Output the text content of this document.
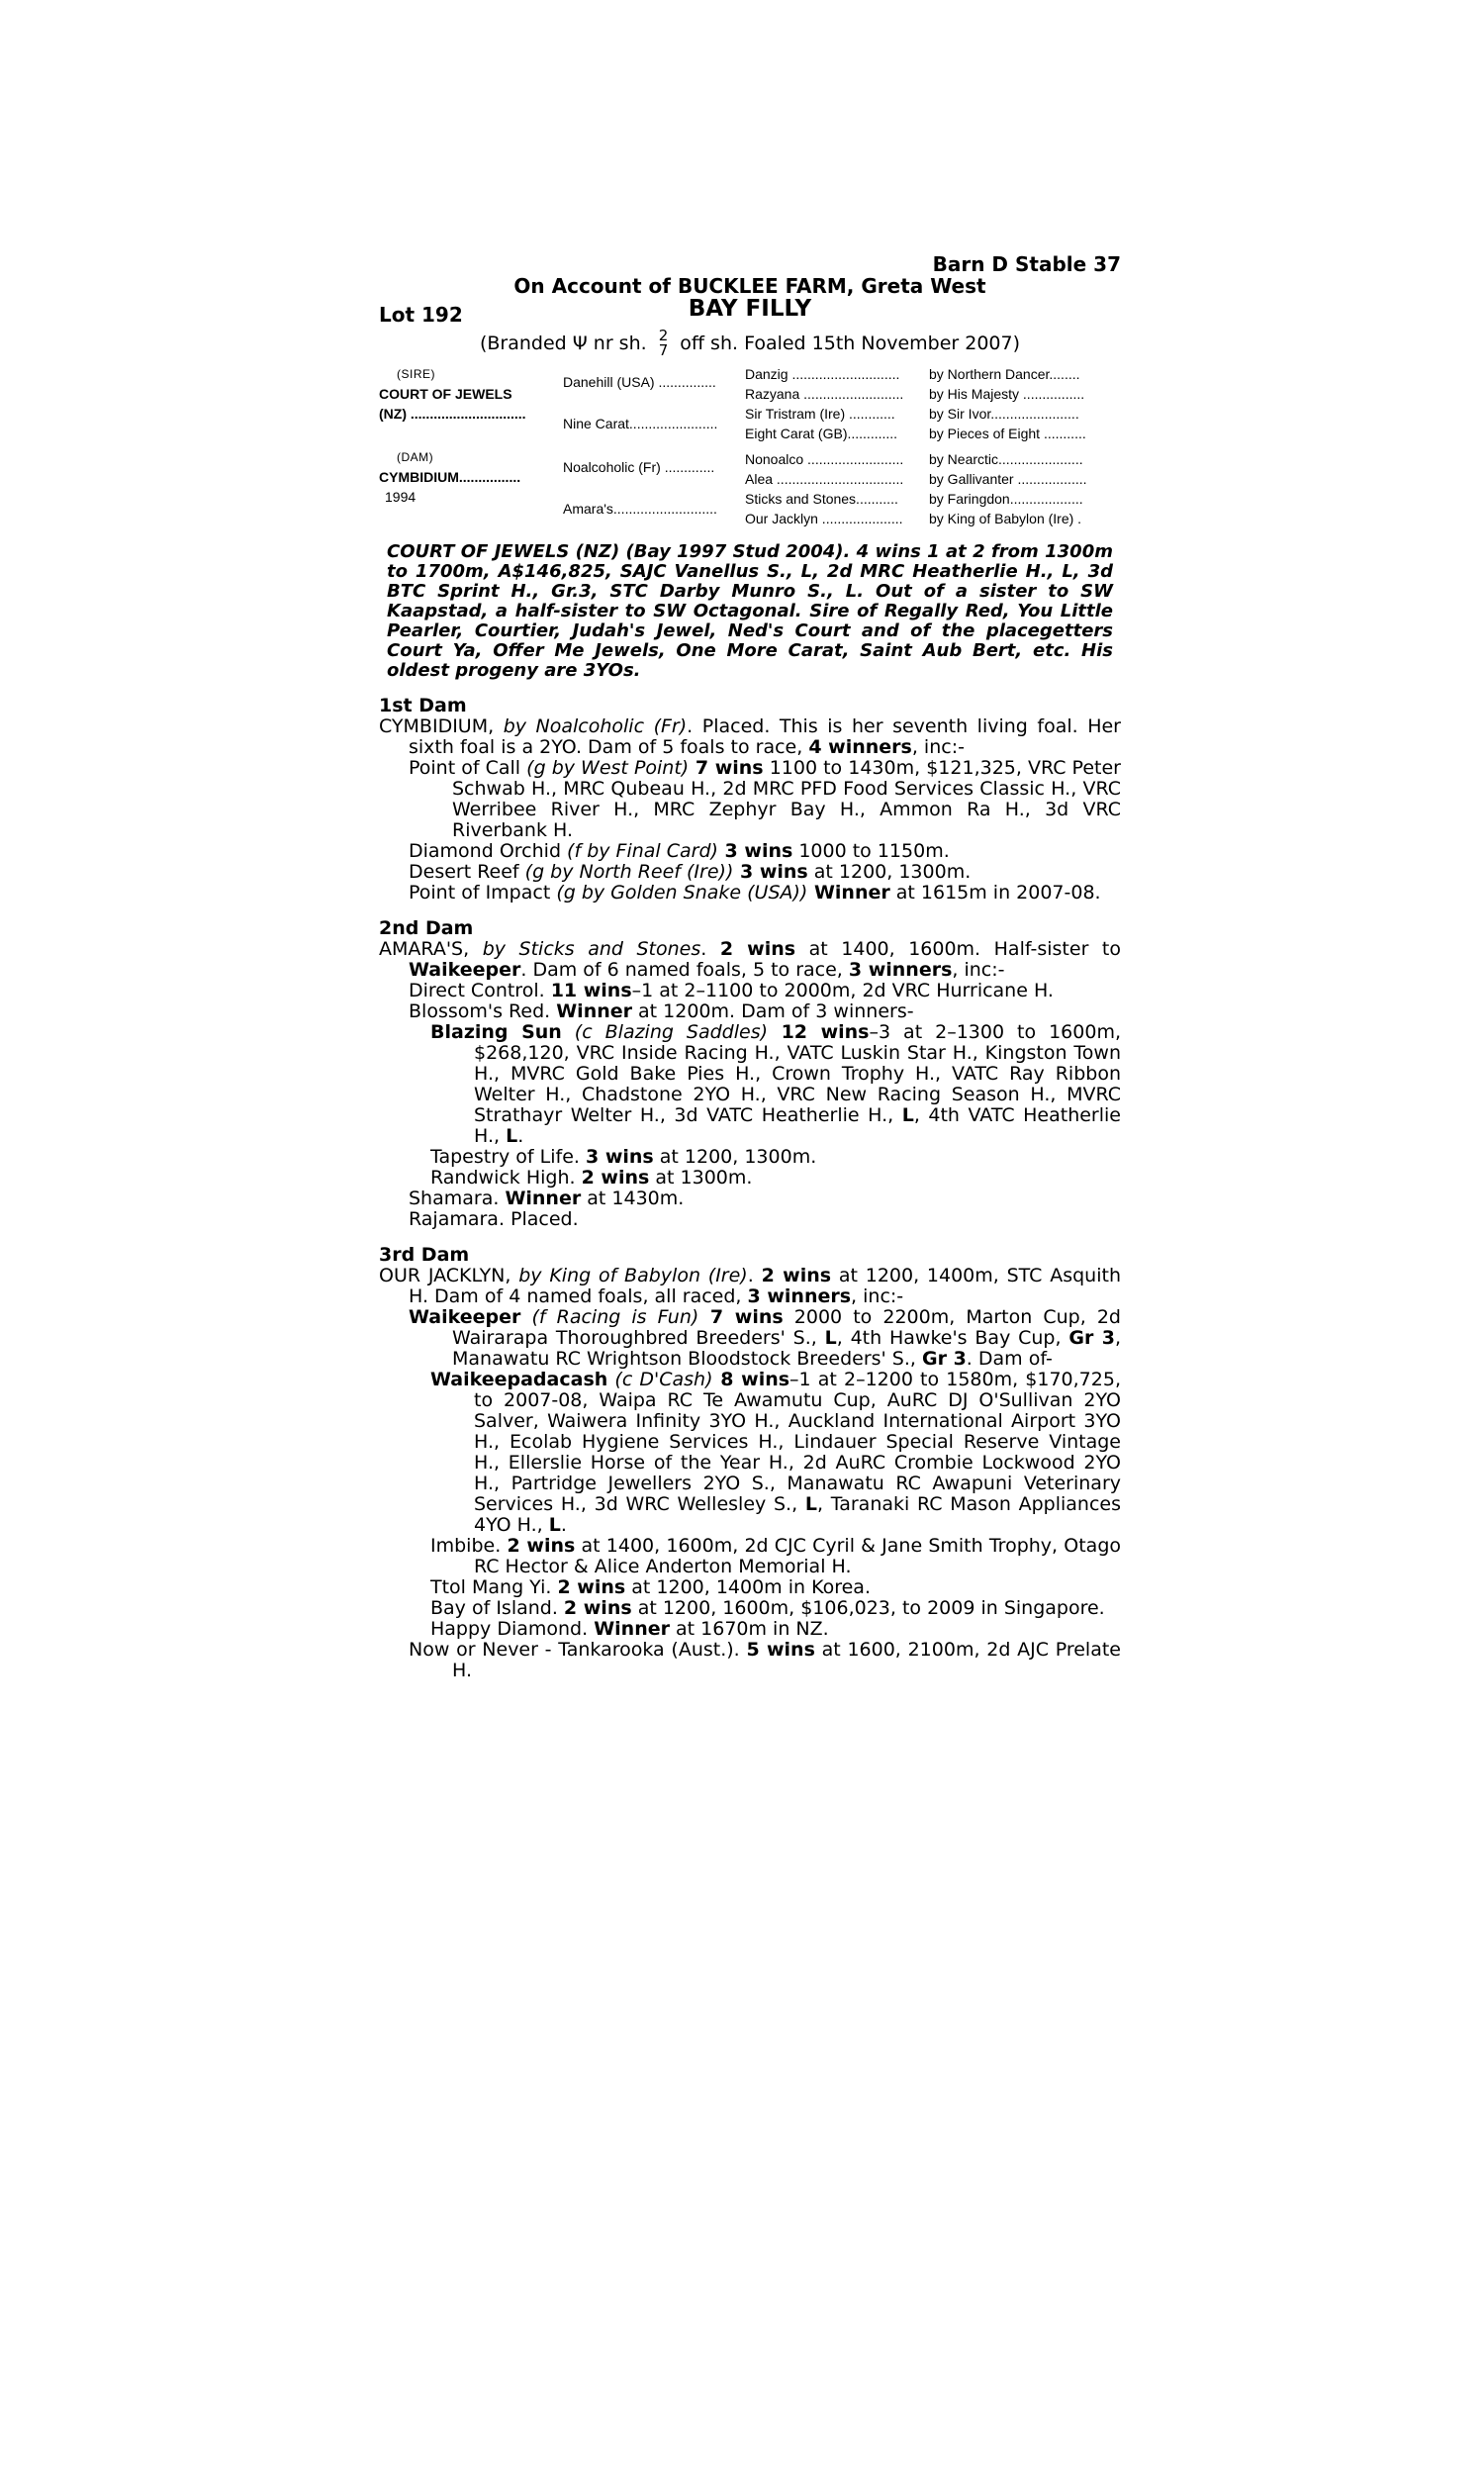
Barn D Stable 37
On Account of BUCKLEE FARM, Greta West
Lot 192	BAY FILLY
(Branded Ψ nr sh. 2
7 off sh. Foaled 15th November 2007)
(SIRE)
COURT OF JEWELS
(NZ) ..............................
(DAM)
CYMBIDIUM................
1994
Danehill (USA) ...............
Nine Carat.......................
Noalcoholic (Fr) .............
Amara's...........................
Danzig ............................
Razyana ..........................
Sir Tristram (Ire) ............
Eight Carat (GB).............
Nonoalco .........................
Alea .................................
Sticks and Stones...........
Our Jacklyn .....................
by Northern Dancer........
by His Majesty ................
by Sir Ivor.......................
by Pieces of Eight ...........
by Nearctic......................
by Gallivanter ..................
by Faringdon...................
by King of Babylon (Ire) .
COURT OF JEWELS (NZ) (Bay 1997 Stud 2004). 4 wins 1 at 2 from 1300m to 1700m, A$146,825, SAJC Vanellus S., L, 2d MRC Heatherlie H., L, 3d BTC Sprint H., Gr.3, STC Darby Munro S., L. Out of a sister to SW Kaapstad, a half-sister to SW Octagonal. Sire of Regally Red, You Little Pearler, Courtier, Judah's Jewel, Ned's Court and of the placegetters Court Ya, Offer Me Jewels, One More Carat, Saint Aub Bert, etc. His oldest progeny are 3YOs.
1st Dam

CYMBIDIUM, by Noalcoholic (Fr). Placed. This is her seventh living foal. Her sixth foal is a 2YO. Dam of 5 foals to race, 4 winners, inc:-

Point of Call (g by West Point) 7 wins 1100 to 1430m, $121,325, VRC Peter Schwab H., MRC Qubeau H., 2d MRC PFD Food Services Classic H., VRC Werribee River H., MRC Zephyr Bay H., Ammon Ra H., 3d VRC Riverbank H.

Diamond Orchid (f by Final Card) 3 wins 1000 to 1150m.

Desert Reef (g by North Reef (Ire)) 3 wins at 1200, 1300m.

Point of Impact (g by Golden Snake (USA)) Winner at 1615m in 2007-08.

2nd Dam

AMARA'S, by Sticks and Stones. 2 wins at 1400, 1600m. Half-sister to Waikeeper. Dam of 6 named foals, 5 to race, 3 winners, inc:-

Direct Control. 11 wins–1 at 2–1100 to 2000m, 2d VRC Hurricane H.

Blossom's Red. Winner at 1200m. Dam of 3 winners-

Blazing Sun (c Blazing Saddles) 12 wins–3 at 2–1300 to 1600m, $268,120, VRC Inside Racing H., VATC Luskin Star H., Kingston Town H., MVRC Gold Bake Pies H., Crown Trophy H., VATC Ray Ribbon Welter H., Chadstone 2YO H., VRC New Racing Season H., MVRC Strathayr Welter H., 3d VATC Heatherlie H., L, 4th VATC Heatherlie H., L.

Tapestry of Life. 3 wins at 1200, 1300m.

Randwick High. 2 wins at 1300m.

Shamara. Winner at 1430m.

Rajamara. Placed.

3rd Dam

OUR JACKLYN, by King of Babylon (Ire). 2 wins at 1200, 1400m, STC Asquith H. Dam of 4 named foals, all raced, 3 winners, inc:-

Waikeeper (f Racing is Fun) 7 wins 2000 to 2200m, Marton Cup, 2d Wairarapa Thoroughbred Breeders' S., L, 4th Hawke's Bay Cup, Gr 3, Manawatu RC Wrightson Bloodstock Breeders' S., Gr 3. Dam of-

Waikeepadacash (c D'Cash) 8 wins–1 at 2–1200 to 1580m, $170,725, to 2007-08, Waipa RC Te Awamutu Cup, AuRC DJ O'Sullivan 2YO Salver, Waiwera Infinity 3YO H., Auckland International Airport 3YO H., Ecolab Hygiene Services H., Lindauer Special Reserve Vintage H., Ellerslie Horse of the Year H., 2d AuRC Crombie Lockwood 2YO H., Partridge Jewellers 2YO S., Manawatu RC Awapuni Veterinary Services H., 3d WRC Wellesley S., L, Taranaki RC Mason Appliances 4YO H., L.

Imbibe. 2 wins at 1400, 1600m, 2d CJC Cyril & Jane Smith Trophy, Otago RC Hector & Alice Anderton Memorial H.

Ttol Mang Yi. 2 wins at 1200, 1400m in Korea.

Bay of Island. 2 wins at 1200, 1600m, $106,023, to 2009 in Singapore.

Happy Diamond. Winner at 1670m in NZ.

Now or Never - Tankarooka (Aust.). 5 wins at 1600, 2100m, 2d AJC Prelate H.
